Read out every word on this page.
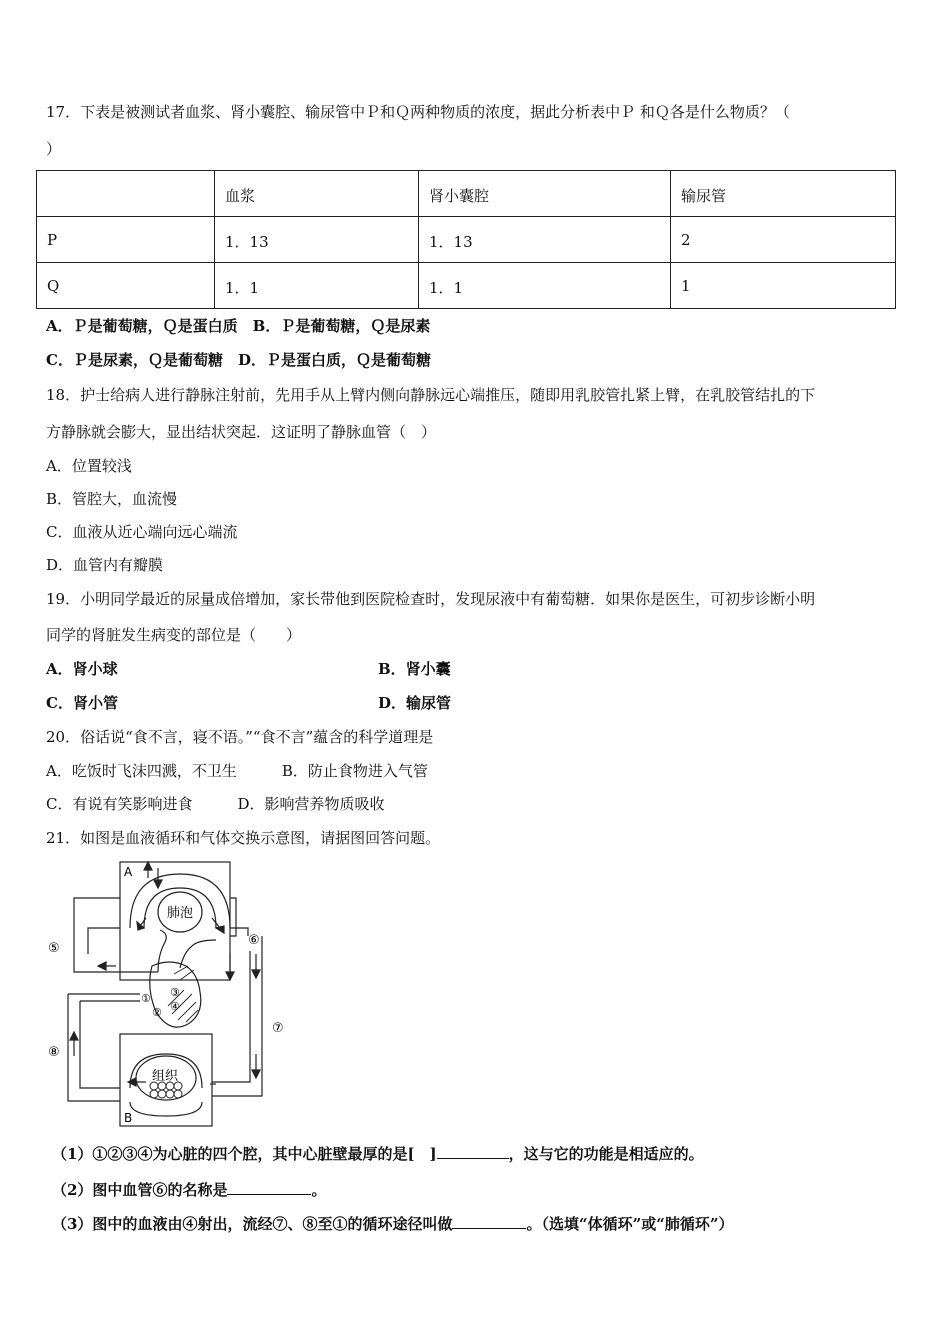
17．下表是被测试者血浆、肾小囊腔、输尿管中Ｐ和Ｑ两种物质的浓度，据此分析表中Ｐ 和Ｑ各是什么物质？（
）
	血浆	肾小囊腔	输尿管
P	1．13	1．13	2
Q	1．1	1．1	1
A．Ｐ是葡萄糖，Ｑ是蛋白质　B．Ｐ是葡萄糖，Ｑ是尿素
C．Ｐ是尿素，Ｑ是葡萄糖　D．Ｐ是蛋白质，Ｑ是葡萄糖
18．护士给病人进行静脉注射前，先用手从上臂内侧向静脉远心端推压，随即用乳胶管扎紧上臂，在乳胶管结扎的下
方静脉就会膨大，显出结状突起．这证明了静脉血管（　）
A．位置较浅
B．管腔大，血流慢
C．血液从近心端向远心端流
D．血管内有瓣膜
19．小明同学最近的尿量成倍增加，家长带他到医院检查时，发现尿液中有葡萄糖．如果你是医生，可初步诊断小明
同学的肾脏发生病变的部位是（　　）
A．肾小球	B．肾小囊
C．肾小管	D．输尿管
20．俗话说“食不言，寝不语。”“食不言”蕴含的科学道理是
A．吃饭时飞沫四溅，不卫生　　　B．防止食物进入气管
C．有说有笑影响进食　　　D．影响营养物质吸收
21．如图是血液循环和气体交换示意图，请据图回答问题。
A
B
肺泡
组织
①
②
③
④
⑤
⑥
⑦
⑧
（1）①②③④为心脏的四个腔，其中心脏壁最厚的是[　]	，这与它的功能是相适应的。
（2）图中血管⑥的名称是	。
（3）图中的血液由④射出，流经⑦、⑧至①的循环途径叫做	。（选填“体循环”或“肺循环”）
